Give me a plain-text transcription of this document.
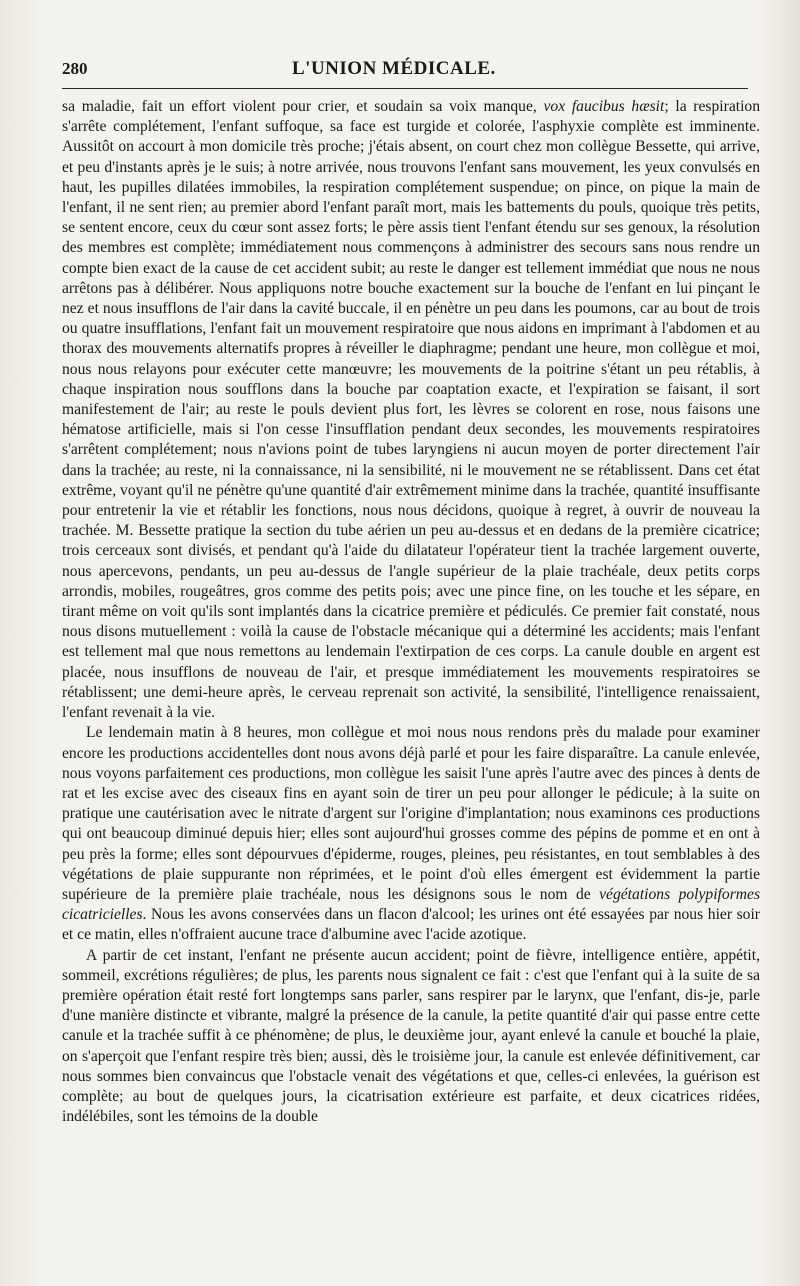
280	L'UNION MÉDICALE.

sa maladie, fait un effort violent pour crier, et soudain sa voix manque, vox faucibus hæsit; la respiration s'arrête complétement, l'enfant suffoque, sa face est turgide et colorée, l'asphyxie complète est imminente. Aussitôt on accourt à mon domicile très proche; j'étais absent, on court chez mon collègue Bessette, qui arrive, et peu d'instants après je le suis; à notre arrivée, nous trouvons l'enfant sans mouvement, les yeux convulsés en haut, les pupilles dilatées immobiles, la respiration complétement suspendue; on pince, on pique la main de l'enfant, il ne sent rien; au premier abord l'enfant paraît mort, mais les battements du pouls, quoique très petits, se sentent encore, ceux du cœur sont assez forts; le père assis tient l'enfant étendu sur ses genoux, la résolution des membres est complète; immédiatement nous commençons à administrer des secours sans nous rendre un compte bien exact de la cause de cet accident subit; au reste le danger est tellement immédiat que nous ne nous arrêtons pas à délibérer. Nous appliquons notre bouche exactement sur la bouche de l'enfant en lui pinçant le nez et nous insufflons de l'air dans la cavité buccale, il en pénètre un peu dans les poumons, car au bout de trois ou quatre insufflations, l'enfant fait un mouvement respiratoire que nous aidons en imprimant à l'abdomen et au thorax des mouvements alternatifs propres à réveiller le diaphragme; pendant une heure, mon collègue et moi, nous nous relayons pour exécuter cette manœuvre; les mouvements de la poitrine s'étant un peu rétablis, à chaque inspiration nous soufflons dans la bouche par coaptation exacte, et l'expiration se faisant, il sort manifestement de l'air; au reste le pouls devient plus fort, les lèvres se colorent en rose, nous faisons une hématose artificielle, mais si l'on cesse l'insufflation pendant deux secondes, les mouvements respiratoires s'arrêtent complétement; nous n'avions point de tubes laryngiens ni aucun moyen de porter directement l'air dans la trachée; au reste, ni la connaissance, ni la sensibilité, ni le mouvement ne se rétablissent. Dans cet état extrême, voyant qu'il ne pénètre qu'une quantité d'air extrêmement minime dans la trachée, quantité insuffisante pour entretenir la vie et rétablir les fonctions, nous nous décidons, quoique à regret, à ouvrir de nouveau la trachée. M. Bessette pratique la section du tube aérien un peu au-dessus et en dedans de la première cicatrice; trois cerceaux sont divisés, et pendant qu'à l'aide du dilatateur l'opérateur tient la trachée largement ouverte, nous apercevons, pendants, un peu au-dessus de l'angle supérieur de la plaie trachéale, deux petits corps arrondis, mobiles, rougeâtres, gros comme des petits pois; avec une pince fine, on les touche et les sépare, en tirant même on voit qu'ils sont implantés dans la cicatrice première et pédiculés. Ce premier fait constaté, nous nous disons mutuellement : voilà la cause de l'obstacle mécanique qui a déterminé les accidents; mais l'enfant est tellement mal que nous remettons au lendemain l'extirpation de ces corps. La canule double en argent est placée, nous insufflons de nouveau de l'air, et presque immédiatement les mouvements respiratoires se rétablissent; une demi-heure après, le cerveau reprenait son activité, la sensibilité, l'intelligence renaissaient, l'enfant revenait à la vie.

Le lendemain matin à 8 heures, mon collègue et moi nous nous rendons près du malade pour examiner encore les productions accidentelles dont nous avons déjà parlé et pour les faire disparaître. La canule enlevée, nous voyons parfaitement ces productions, mon collègue les saisit l'une après l'autre avec des pinces à dents de rat et les excise avec des ciseaux fins en ayant soin de tirer un peu pour allonger le pédicule; à la suite on pratique une cautérisation avec le nitrate d'argent sur l'origine d'implantation; nous examinons ces productions qui ont beaucoup diminué depuis hier; elles sont aujourd'hui grosses comme des pépins de pomme et en ont à peu près la forme; elles sont dépourvues d'épiderme, rouges, pleines, peu résistantes, en tout semblables à des végétations de plaie suppurante non réprimées, et le point d'où elles émergent est évidemment la partie supérieure de la première plaie trachéale, nous les désignons sous le nom de végétations polypiformes cicatricielles. Nous les avons conservées dans un flacon d'alcool; les urines ont été essayées par nous hier soir et ce matin, elles n'offraient aucune trace d'albumine avec l'acide azotique.

A partir de cet instant, l'enfant ne présente aucun accident; point de fièvre, intelligence entière, appétit, sommeil, excrétions régulières; de plus, les parents nous signalent ce fait : c'est que l'enfant qui à la suite de sa première opération était resté fort longtemps sans parler, sans respirer par le larynx, que l'enfant, dis-je, parle d'une manière distincte et vibrante, malgré la présence de la canule, la petite quantité d'air qui passe entre cette canule et la trachée suffit à ce phénomène; de plus, le deuxième jour, ayant enlevé la canule et bouché la plaie, on s'aperçoit que l'enfant respire très bien; aussi, dès le troisième jour, la canule est enlevée définitivement, car nous sommes bien convaincus que l'obstacle venait des végétations et que, celles-ci enlevées, la guérison est complète; au bout de quelques jours, la cicatrisation extérieure est parfaite, et deux cicatrices ridées, indélébiles, sont les témoins de la double
